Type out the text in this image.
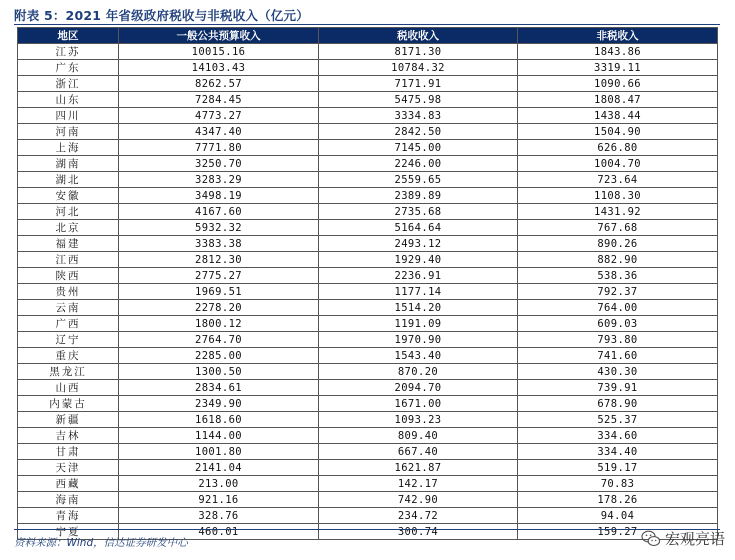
附表 5：2021 年省级政府税收与非税收入（亿元）
地区	一般公共预算收入	税收收入	非税收入
江苏	10015.16	8171.30	1843.86
广东	14103.43	10784.32	3319.11
浙江	8262.57	7171.91	1090.66
山东	7284.45	5475.98	1808.47
四川	4773.27	3334.83	1438.44
河南	4347.40	2842.50	1504.90
上海	7771.80	7145.00	626.80
湖南	3250.70	2246.00	1004.70
湖北	3283.29	2559.65	723.64
安徽	3498.19	2389.89	1108.30
河北	4167.60	2735.68	1431.92
北京	5932.32	5164.64	767.68
福建	3383.38	2493.12	890.26
江西	2812.30	1929.40	882.90
陕西	2775.27	2236.91	538.36
贵州	1969.51	1177.14	792.37
云南	2278.20	1514.20	764.00
广西	1800.12	1191.09	609.03
辽宁	2764.70	1970.90	793.80
重庆	2285.00	1543.40	741.60
黑龙江	1300.50	870.20	430.30
山西	2834.61	2094.70	739.91
内蒙古	2349.90	1671.00	678.90
新疆	1618.60	1093.23	525.37
吉林	1144.00	809.40	334.60
甘肃	1001.80	667.40	334.40
天津	2141.04	1621.87	519.17
西藏	213.00	142.17	70.83
海南	921.16	742.90	178.26
青海	328.76	234.72	94.04
宁夏	460.01	300.74	159.27
资料来源：Wind，信达证券研发中心	宏观亮语
